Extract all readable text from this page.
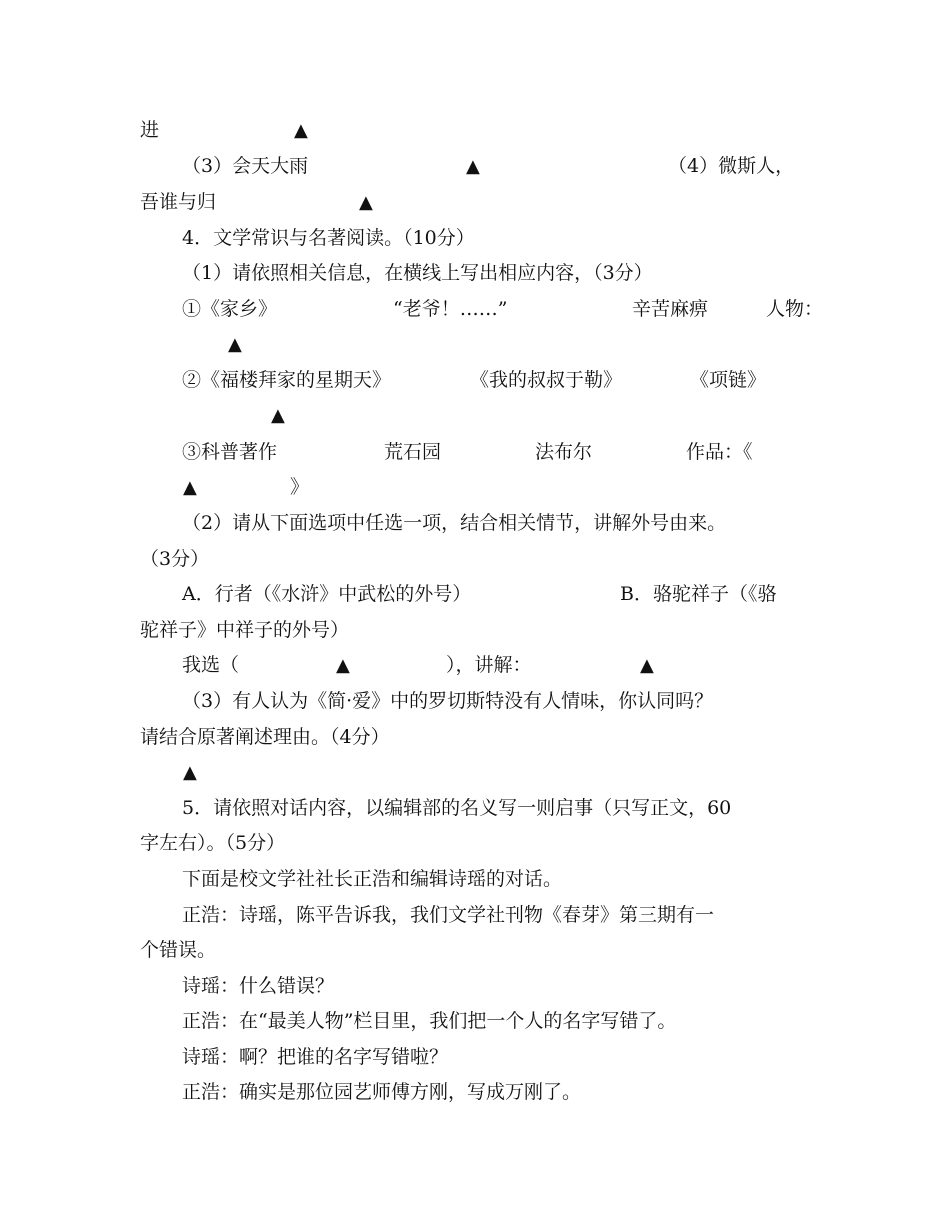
进	▲
（3）会天大雨	▲	（4）微斯人，
吾谁与归	▲
4．文学常识与名著阅读。（10分）
（1）请依照相关信息，在横线上写出相应内容，（3分）
①《家乡》	“老爷！……”	辛苦麻痹	人物：
▲
②《福楼拜家的星期天》	《我的叔叔于勒》	《项链》
▲
③科普著作	荒石园	法布尔	作品：《
▲	》
（2）请从下面选项中任选一项，结合相关情节，讲解外号由来。
（3分）
A．行者（《水浒》中武松的外号）	B．骆驼祥子（《骆
驼祥子》中祥子的外号）
我选（	▲	），讲解：	▲
（3）有人认为《简·爱》中的罗切斯特没有人情味，你认同吗？
请结合原著阐述理由。（4分）
▲
5．请依照对话内容，以编辑部的名义写一则启事（只写正文，60
字左右）。（5分）
下面是校文学社社长正浩和编辑诗瑶的对话。
正浩：诗瑶，陈平告诉我，我们文学社刊物《春芽》第三期有一
个错误。
诗瑶：什么错误？
正浩：在“最美人物”栏目里，我们把一个人的名字写错了。
诗瑶：啊？把谁的名字写错啦？
正浩：确实是那位园艺师傅方刚，写成万刚了。
